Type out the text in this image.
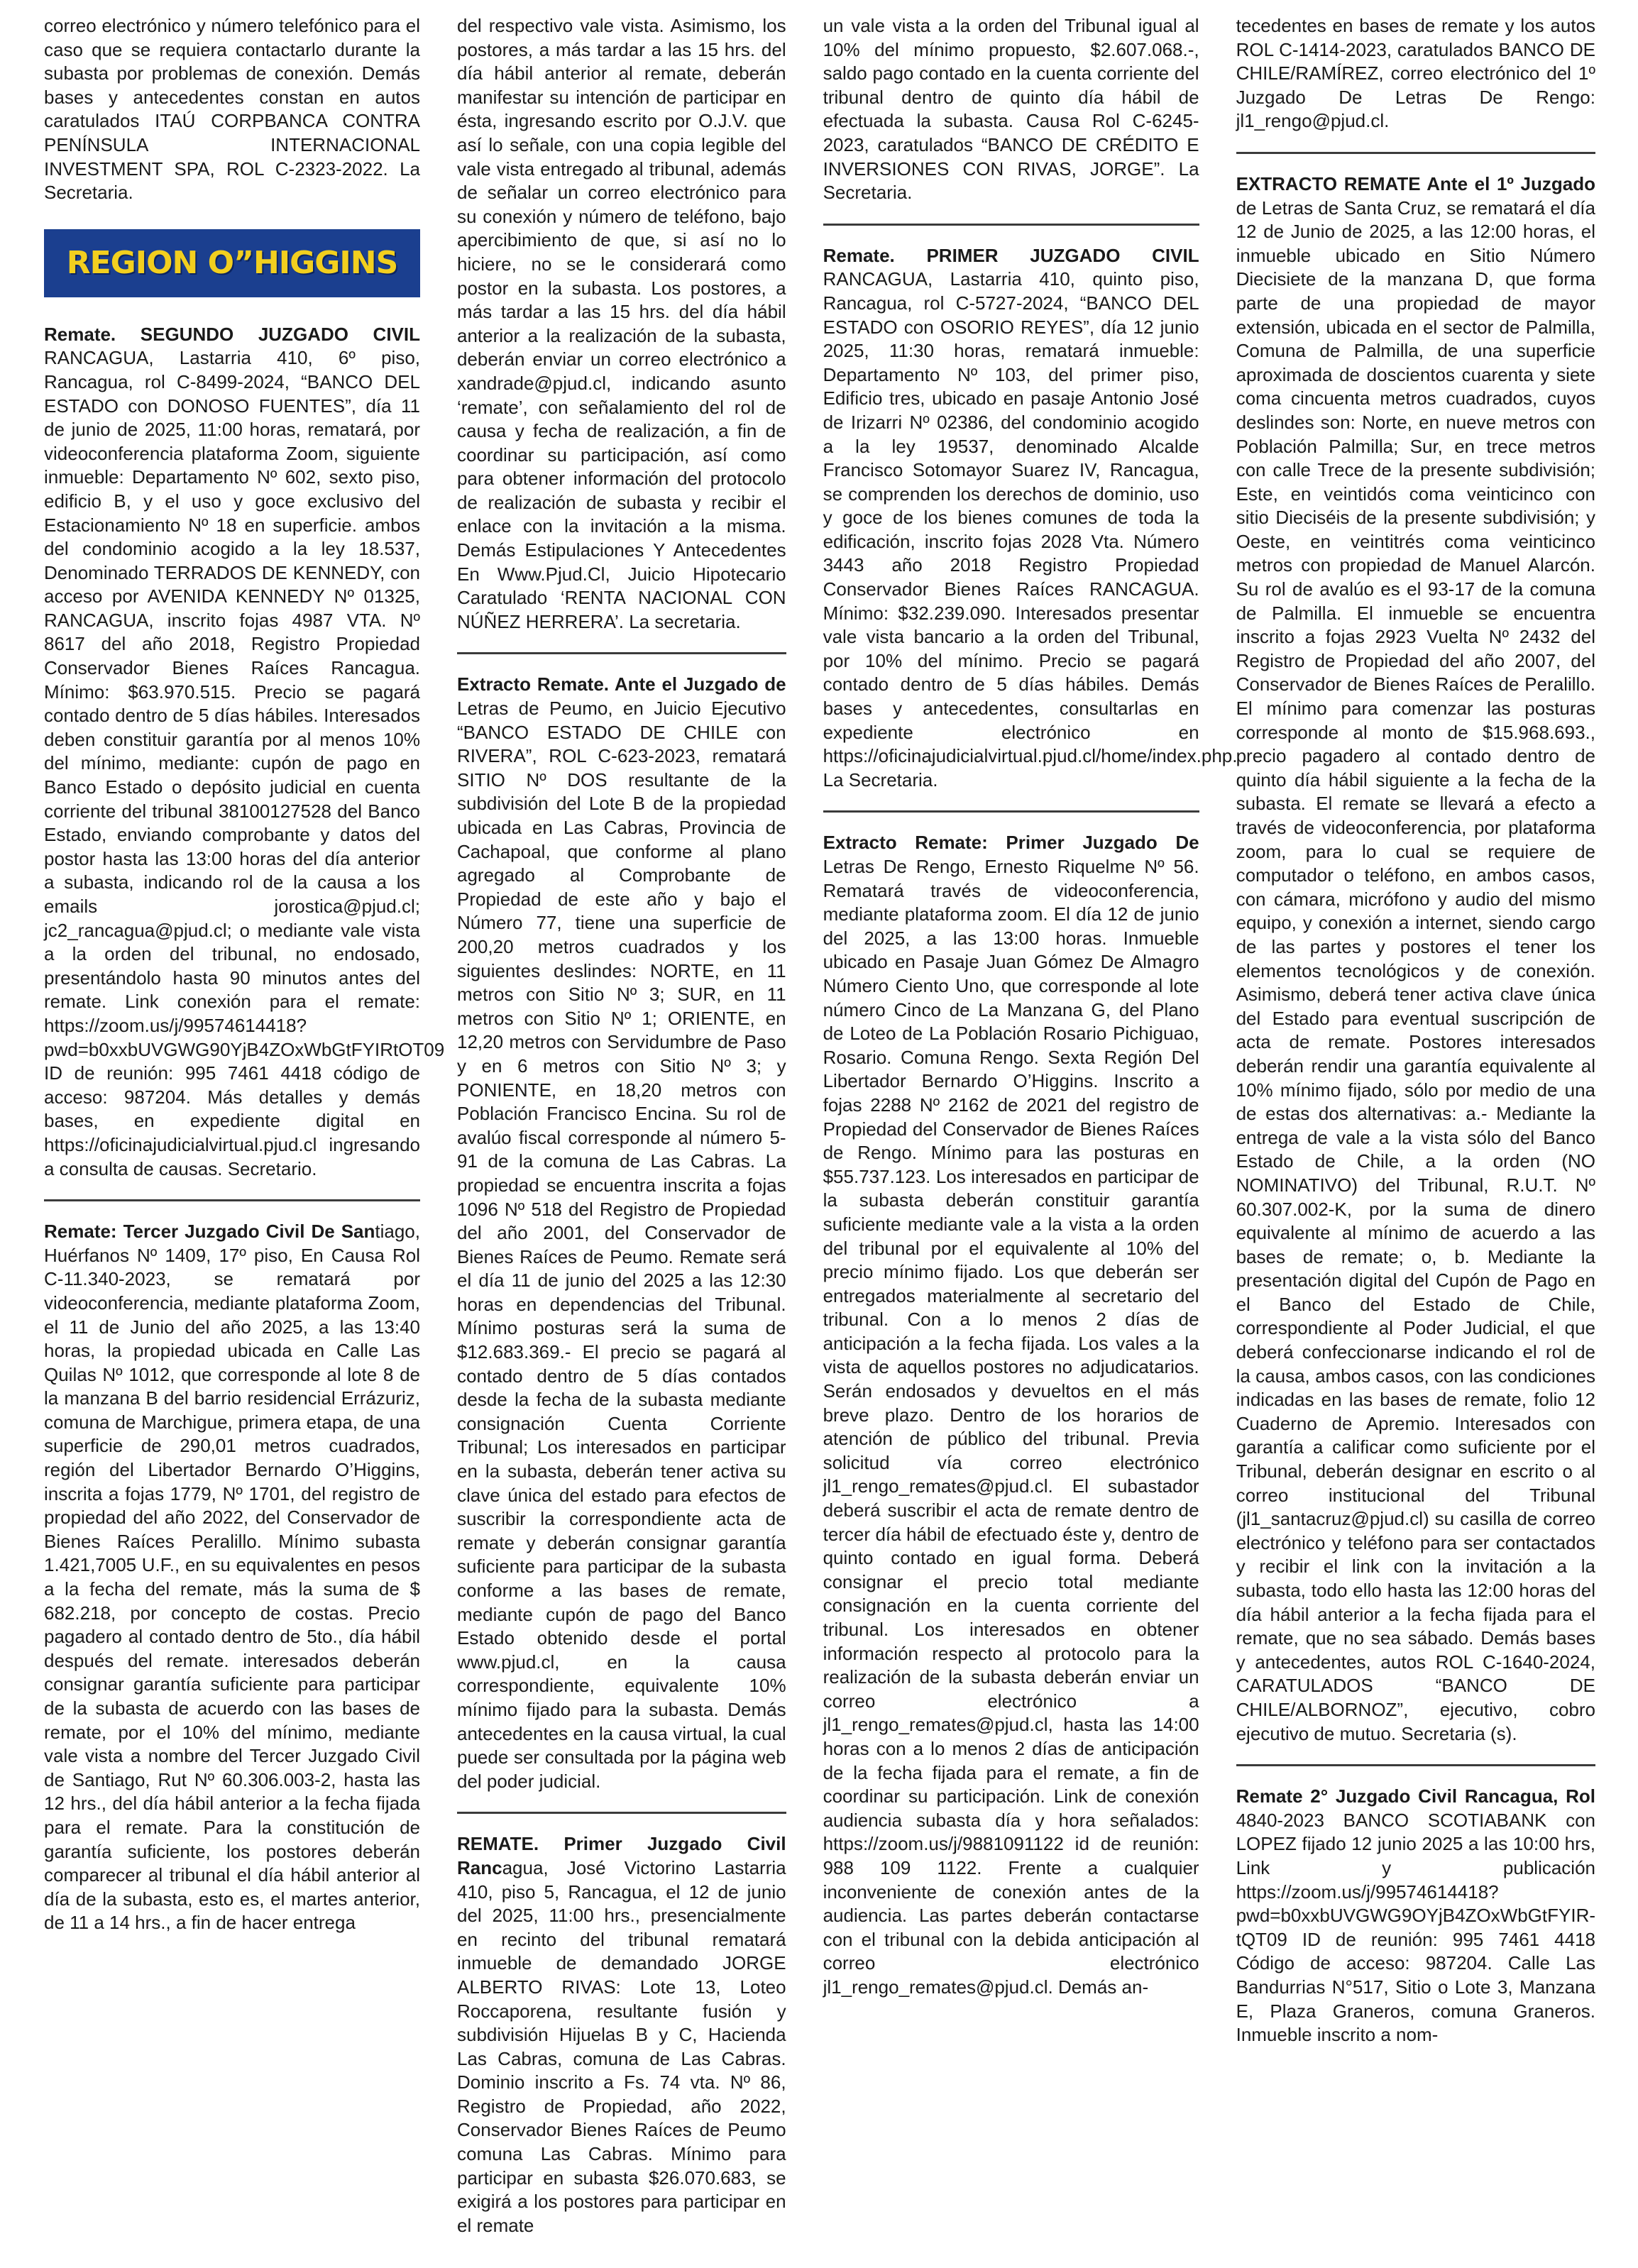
correo electrónico y número telefónico para el caso que se requiera contactarlo durante la subasta por problemas de conexión. Demás bases y antecedentes constan en autos caratulados ITAÚ CORPBANCA CONTRA PENÍNSULA INTERNACIONAL INVESTMENT SPA, ROL C-2323-2022. La Secretaria.

REGION O”HIGGINS

Remate. SEGUNDO JUZGADO CIVIL RANCAGUA, Lastarria 410, 6º piso, Rancagua, rol C-8499-2024, “BANCO DEL ESTADO con DONOSO FUENTES”, día 11 de junio de 2025, 11:00 horas, rematará, por videoconferencia plataforma Zoom, siguiente inmueble: Departamento Nº 602, sexto piso, edificio B, y el uso y goce exclusivo del Estacionamiento Nº 18 en superficie. ambos del condominio acogido a la ley 18.537, Denominado TERRADOS DE KENNEDY, con acceso por AVENIDA KENNEDY Nº 01325, RANCAGUA, inscrito fojas 4987 VTA. Nº 8617 del año 2018, Registro Propiedad Conservador Bienes Raíces Rancagua. Mínimo: $63.970.515. Precio se pagará contado dentro de 5 días hábiles. Interesados deben constituir garantía por al menos 10% del mínimo, mediante: cupón de pago en Banco Estado o depósito judicial en cuenta corriente del tribunal 38100127528 del Banco Estado, enviando comprobante y datos del postor hasta las 13:00 horas del día anterior a subasta, indicando rol de la causa a los emails jorostica@pjud.cl; jc2_rancagua@pjud.cl; o mediante vale vista a la orden del tribunal, no endosado, presentándolo hasta 90 minutos antes del remate. Link conexión para el remate: https://zoom.us/j/99574614418?pwd=b0xxbUVGWG90YjB4ZOxWbGtFYIRtOT09 ID de reunión: 995 7461 4418 código de acceso: 987204. Más detalles y demás bases, en expediente digital en https://oficinajudicialvirtual.pjud.cl ingresando a consulta de causas. Secretario.

Remate: Tercer Juzgado Civil De Santiago, Huérfanos Nº 1409, 17º piso, En Causa Rol C-11.340-2023, se rematará por videoconferencia, mediante plataforma Zoom, el 11 de Junio del año 2025, a las 13:40 horas, la propiedad ubicada en Calle Las Quilas Nº 1012, que corresponde al lote 8 de la manzana B del barrio residencial Errázuriz, comuna de Marchigue, primera etapa, de una superficie de 290,01 metros cuadrados, región del Libertador Bernardo O’Higgins, inscrita a fojas 1779, Nº 1701, del registro de propiedad del año 2022, del Conservador de Bienes Raíces Peralillo. Mínimo subasta 1.421,7005 U.F., en su equivalentes en pesos a la fecha del remate, más la suma de $ 682.218, por concepto de costas. Precio pagadero al contado dentro de 5to., día hábil después del remate. interesados deberán consignar garantía suficiente para participar de la subasta de acuerdo con las bases de remate, por el 10% del mínimo, mediante vale vista a nombre del Tercer Juzgado Civil de Santiago, Rut Nº 60.306.003-2, hasta las 12 hrs., del día hábil anterior a la fecha fijada para el remate. Para la constitución de garantía suficiente, los postores deberán comparecer al tribunal el día hábil anterior al día de la subasta, esto es, el martes anterior, de 11 a 14 hrs., a fin de hacer entrega

del respectivo vale vista. Asimismo, los postores, a más tardar a las 15 hrs. del día hábil anterior al remate, deberán manifestar su intención de participar en ésta, ingresando escrito por O.J.V. que así lo señale, con una copia legible del vale vista entregado al tribunal, además de señalar un correo electrónico para su conexión y número de teléfono, bajo apercibimiento de que, si así no lo hiciere, no se le considerará como postor en la subasta. Los postores, a más tardar a las 15 hrs. del día hábil anterior a la realización de la subasta, deberán enviar un correo electrónico a xandrade@pjud.cl, indicando asunto ‘remate’, con señalamiento del rol de causa y fecha de realización, a fin de coordinar su participación, así como para obtener información del protocolo de realización de subasta y recibir el enlace con la invitación a la misma. Demás Estipulaciones Y Antecedentes En Www.Pjud.Cl, Juicio Hipotecario Caratulado ‘RENTA NACIONAL CON NÚÑEZ HERRERA’. La secretaria.

Extracto Remate. Ante el Juzgado de Letras de Peumo, en Juicio Ejecutivo “BANCO ESTADO DE CHILE con RIVERA”, ROL C-623-2023, rematará SITIO Nº DOS resultante de la subdivisión del Lote B de la propiedad ubicada en Las Cabras, Provincia de Cachapoal, que conforme al plano agregado al Comprobante de Propiedad de este año y bajo el Número 77, tiene una superficie de 200,20 metros cuadrados y los siguientes deslindes: NORTE, en 11 metros con Sitio Nº 3; SUR, en 11 metros con Sitio Nº 1; ORIENTE, en 12,20 metros con Servidumbre de Paso y en 6 metros con Sitio Nº 3; y PONIENTE, en 18,20 metros con Población Francisco Encina. Su rol de avalúo fiscal corresponde al número 5-91 de la comuna de Las Cabras. La propiedad se encuentra inscrita a fojas 1096 Nº 518 del Registro de Propiedad del año 2001, del Conservador de Bienes Raíces de Peumo. Remate será el día 11 de junio del 2025 a las 12:30 horas en dependencias del Tribunal. Mínimo posturas será la suma de $12.683.369.- El precio se pagará al contado dentro de 5 días contados desde la fecha de la subasta mediante consignación Cuenta Corriente Tribunal; Los interesados en participar en la subasta, deberán tener activa su clave única del estado para efectos de suscribir la correspondiente acta de remate y deberán consignar garantía suficiente para participar de la subasta conforme a las bases de remate, mediante cupón de pago del Banco Estado obtenido desde el portal www.pjud.cl, en la causa correspondiente, equivalente 10% mínimo fijado para la subasta. Demás antecedentes en la causa virtual, la cual puede ser consultada por la página web del poder judicial.

REMATE. Primer Juzgado Civil Rancagua, José Victorino Lastarria 410, piso 5, Rancagua, el 12 de junio del 2025, 11:00 hrs., presencialmente en recinto del tribunal rematará inmueble de demandado JORGE ALBERTO RIVAS: Lote 13, Loteo Roccaporena, resultante fusión y subdivisión Hijuelas B y C, Hacienda Las Cabras, comuna de Las Cabras. Dominio inscrito a Fs. 74 vta. Nº 86, Registro de Propiedad, año 2022, Conservador Bienes Raíces de Peumo comuna Las Cabras. Mínimo para participar en subasta $26.070.683, se exigirá a los postores para participar en el remate

un vale vista a la orden del Tribunal igual al 10% del mínimo propuesto, $2.607.068.-, saldo pago contado en la cuenta corriente del tribunal dentro de quinto día hábil de efectuada la subasta. Causa Rol C-6245-2023, caratulados “BANCO DE CRÉDITO E INVERSIONES CON RIVAS, JORGE”. La Secretaria.

Remate. PRIMER JUZGADO CIVIL RANCAGUA, Lastarria 410, quinto piso, Rancagua, rol C-5727-2024, “BANCO DEL ESTADO con OSORIO REYES”, día 12 junio 2025, 11:30 horas, rematará inmueble: Departamento Nº 103, del primer piso, Edificio tres, ubicado en pasaje Antonio José de Irizarri Nº 02386, del condominio acogido a la ley 19537, denominado Alcalde Francisco Sotomayor Suarez IV, Rancagua, se comprenden los derechos de dominio, uso y goce de los bienes comunes de toda la edificación, inscrito fojas 2028 Vta. Número 3443 año 2018 Registro Propiedad Conservador Bienes Raíces RANCAGUA. Mínimo: $32.239.090. Interesados presentar vale vista bancario a la orden del Tribunal, por 10% del mínimo. Precio se pagará contado dentro de 5 días hábiles. Demás bases y antecedentes, consultarlas en expediente electrónico en https://oficinajudicialvirtual.pjud.cl/home/index.php. La Secretaria.

Extracto Remate: Primer Juzgado De Letras De Rengo, Ernesto Riquelme Nº 56. Rematará través de videoconferencia, mediante plataforma zoom. El día 12 de junio del 2025, a las 13:00 horas. Inmueble ubicado en Pasaje Juan Gómez De Almagro Número Ciento Uno, que corresponde al lote número Cinco de La Manzana G, del Plano de Loteo de La Población Rosario Pichiguao, Rosario. Comuna Rengo. Sexta Región Del Libertador Bernardo O’Higgins. Inscrito a fojas 2288 Nº 2162 de 2021 del registro de Propiedad del Conservador de Bienes Raíces de Rengo. Mínimo para las posturas en $55.737.123. Los interesados en participar de la subasta deberán constituir garantía suficiente mediante vale a la vista a la orden del tribunal por el equivalente al 10% del precio mínimo fijado. Los que deberán ser entregados materialmente al secretario del tribunal. Con a lo menos 2 días de anticipación a la fecha fijada. Los vales a la vista de aquellos postores no adjudicatarios. Serán endosados y devueltos en el más breve plazo. Dentro de los horarios de atención de público del tribunal. Previa solicitud vía correo electrónico jl1_rengo_remates@pjud.cl. El subastador deberá suscribir el acta de remate dentro de tercer día hábil de efectuado éste y, dentro de quinto contado en igual forma. Deberá consignar el precio total mediante consignación en la cuenta corriente del tribunal. Los interesados en obtener información respecto al protocolo para la realización de la subasta deberán enviar un correo electrónico a jl1_rengo_remates@pjud.cl, hasta las 14:00 horas con a lo menos 2 días de anticipación de la fecha fijada para el remate, a fin de coordinar su participación. Link de conexión audiencia subasta día y hora señalados: https://zoom.us/j/9881091122 id de reunión: 988 109 1122. Frente a cualquier inconveniente de conexión antes de la audiencia. Las partes deberán contactarse con el tribunal con la debida anticipación al correo electrónico jl1_rengo_remates@pjud.cl. Demás an-

tecedentes en bases de remate y los autos ROL C-1414-2023, caratulados BANCO DE CHILE/RAMÍREZ, correo electrónico del 1º Juzgado De Letras De Rengo: jl1_rengo@pjud.cl.

EXTRACTO REMATE Ante el 1º Juzgado de Letras de Santa Cruz, se rematará el día 12 de Junio de 2025, a las 12:00 horas, el inmueble ubicado en Sitio Número Diecisiete de la manzana D, que forma parte de una propiedad de mayor extensión, ubicada en el sector de Palmilla, Comuna de Palmilla, de una superficie aproximada de doscientos cuarenta y siete coma cincuenta metros cuadrados, cuyos deslindes son: Norte, en nueve metros con Población Palmilla; Sur, en trece metros con calle Trece de la presente subdivisión; Este, en veintidós coma veinticinco con sitio Dieciséis de la presente subdivisión; y Oeste, en veintitrés coma veinticinco metros con propiedad de Manuel Alarcón. Su rol de avalúo es el 93-17 de la comuna de Palmilla. El inmueble se encuentra inscrito a fojas 2923 Vuelta Nº 2432 del Registro de Propiedad del año 2007, del Conservador de Bienes Raíces de Peralillo. El mínimo para comenzar las posturas corresponde al monto de $15.968.693., precio pagadero al contado dentro de quinto día hábil siguiente a la fecha de la subasta. El remate se llevará a efecto a través de videoconferencia, por plataforma zoom, para lo cual se requiere de computador o teléfono, en ambos casos, con cámara, micrófono y audio del mismo equipo, y conexión a internet, siendo cargo de las partes y postores el tener los elementos tecnológicos y de conexión. Asimismo, deberá tener activa clave única del Estado para eventual suscripción de acta de remate. Postores interesados deberán rendir una garantía equivalente al 10% mínimo fijado, sólo por medio de una de estas dos alternativas: a.- Mediante la entrega de vale a la vista sólo del Banco Estado de Chile, a la orden (NO NOMINATIVO) del Tribunal, R.U.T. Nº 60.307.002-K, por la suma de dinero equivalente al mínimo de acuerdo a las bases de remate; o, b. Mediante la presentación digital del Cupón de Pago en el Banco del Estado de Chile, correspondiente al Poder Judicial, el que deberá confeccionarse indicando el rol de la causa, ambos casos, con las condiciones indicadas en las bases de remate, folio 12 Cuaderno de Apremio. Interesados con garantía a calificar como suficiente por el Tribunal, deberán designar en escrito o al correo institucional del Tribunal (jl1_santacruz@pjud.cl) su casilla de correo electrónico y teléfono para ser contactados y recibir el link con la invitación a la subasta, todo ello hasta las 12:00 horas del día hábil anterior a la fecha fijada para el remate, que no sea sábado. Demás bases y antecedentes, autos ROL C-1640-2024, CARATULADOS “BANCO DE CHILE/ALBORNOZ”, ejecutivo, cobro ejecutivo de mutuo. Secretaria (s).

Remate 2° Juzgado Civil Rancagua, Rol 4840-2023 BANCO SCOTIABANK con LOPEZ fijado 12 junio 2025 a las 10:00 hrs, Link y publicación https://zoom.us/j/99574614418?pwd=b0xxbUVGWG9OYjB4ZOxWbGtFYIR- tQT09 ID de reunión: 995 7461 4418 Código de acceso: 987204. Calle Las Bandurrias N°517, Sitio o Lote 3, Manzana E, Plaza Graneros, comuna Graneros. Inmueble inscrito a nom-
